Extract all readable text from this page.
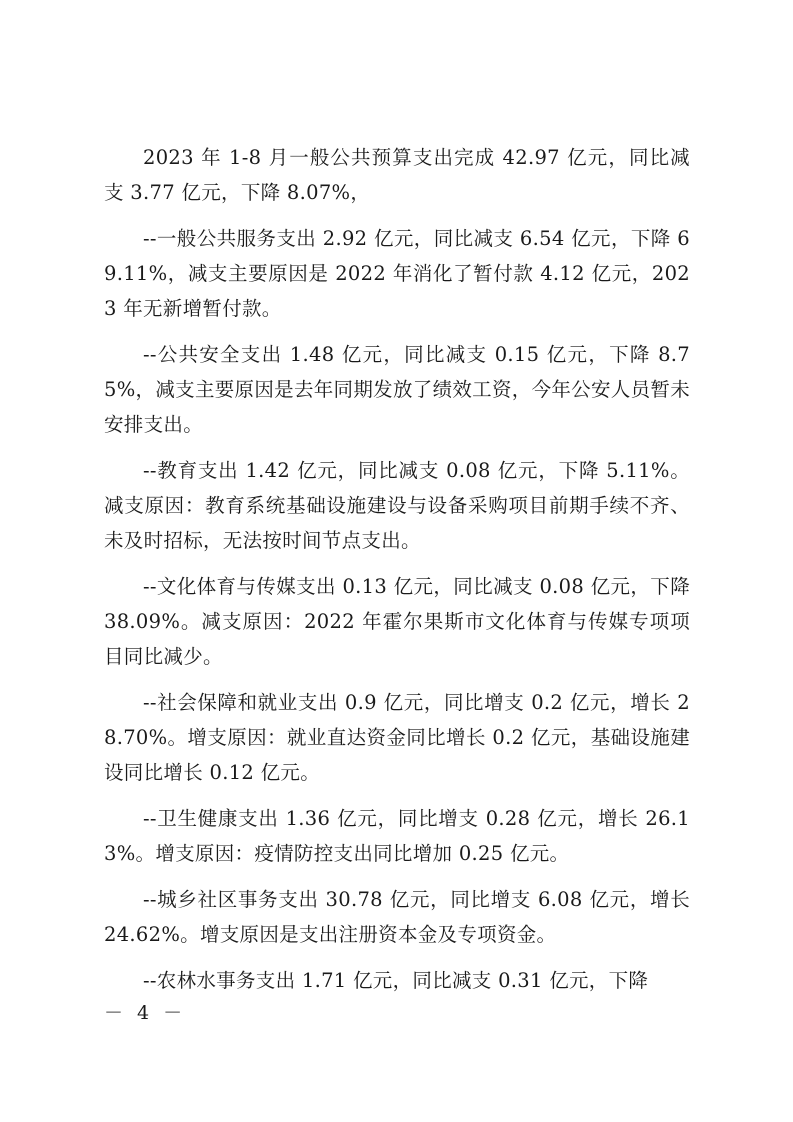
2023 年 1-8 月一般公共预算支出完成 42.97 亿元，同比减支 3.77 亿元，下降 8.07%，

--一般公共服务支出 2.92 亿元，同比减支 6.54 亿元，下降 69.11%，减支主要原因是 2022 年消化了暂付款 4.12 亿元，2023 年无新增暂付款。

--公共安全支出 1.48 亿元，同比减支 0.15 亿元，下降 8.75%，减支主要原因是去年同期发放了绩效工资，今年公安人员暂未安排支出。

--教育支出 1.42 亿元，同比减支 0.08 亿元，下降 5.11%。减支原因：教育系统基础设施建设与设备采购项目前期手续不齐、未及时招标，无法按时间节点支出。

--文化体育与传媒支出 0.13 亿元，同比减支 0.08 亿元，下降 38.09%。减支原因：2022 年霍尔果斯市文化体育与传媒专项项目同比减少。

--社会保障和就业支出 0.9 亿元，同比增支 0.2 亿元，增长 28.70%。增支原因：就业直达资金同比增长 0.2 亿元，基础设施建设同比增长 0.12 亿元。

--卫生健康支出 1.36 亿元，同比增支 0.28 亿元，增长 26.13%。增支原因：疫情防控支出同比增加 0.25 亿元。

--城乡社区事务支出 30.78 亿元，同比增支 6.08 亿元，增长 24.62%。增支原因是支出注册资本金及专项资金。

--农林水事务支出 1.71 亿元，同比减支 0.31 亿元，下降

－ 4 －
